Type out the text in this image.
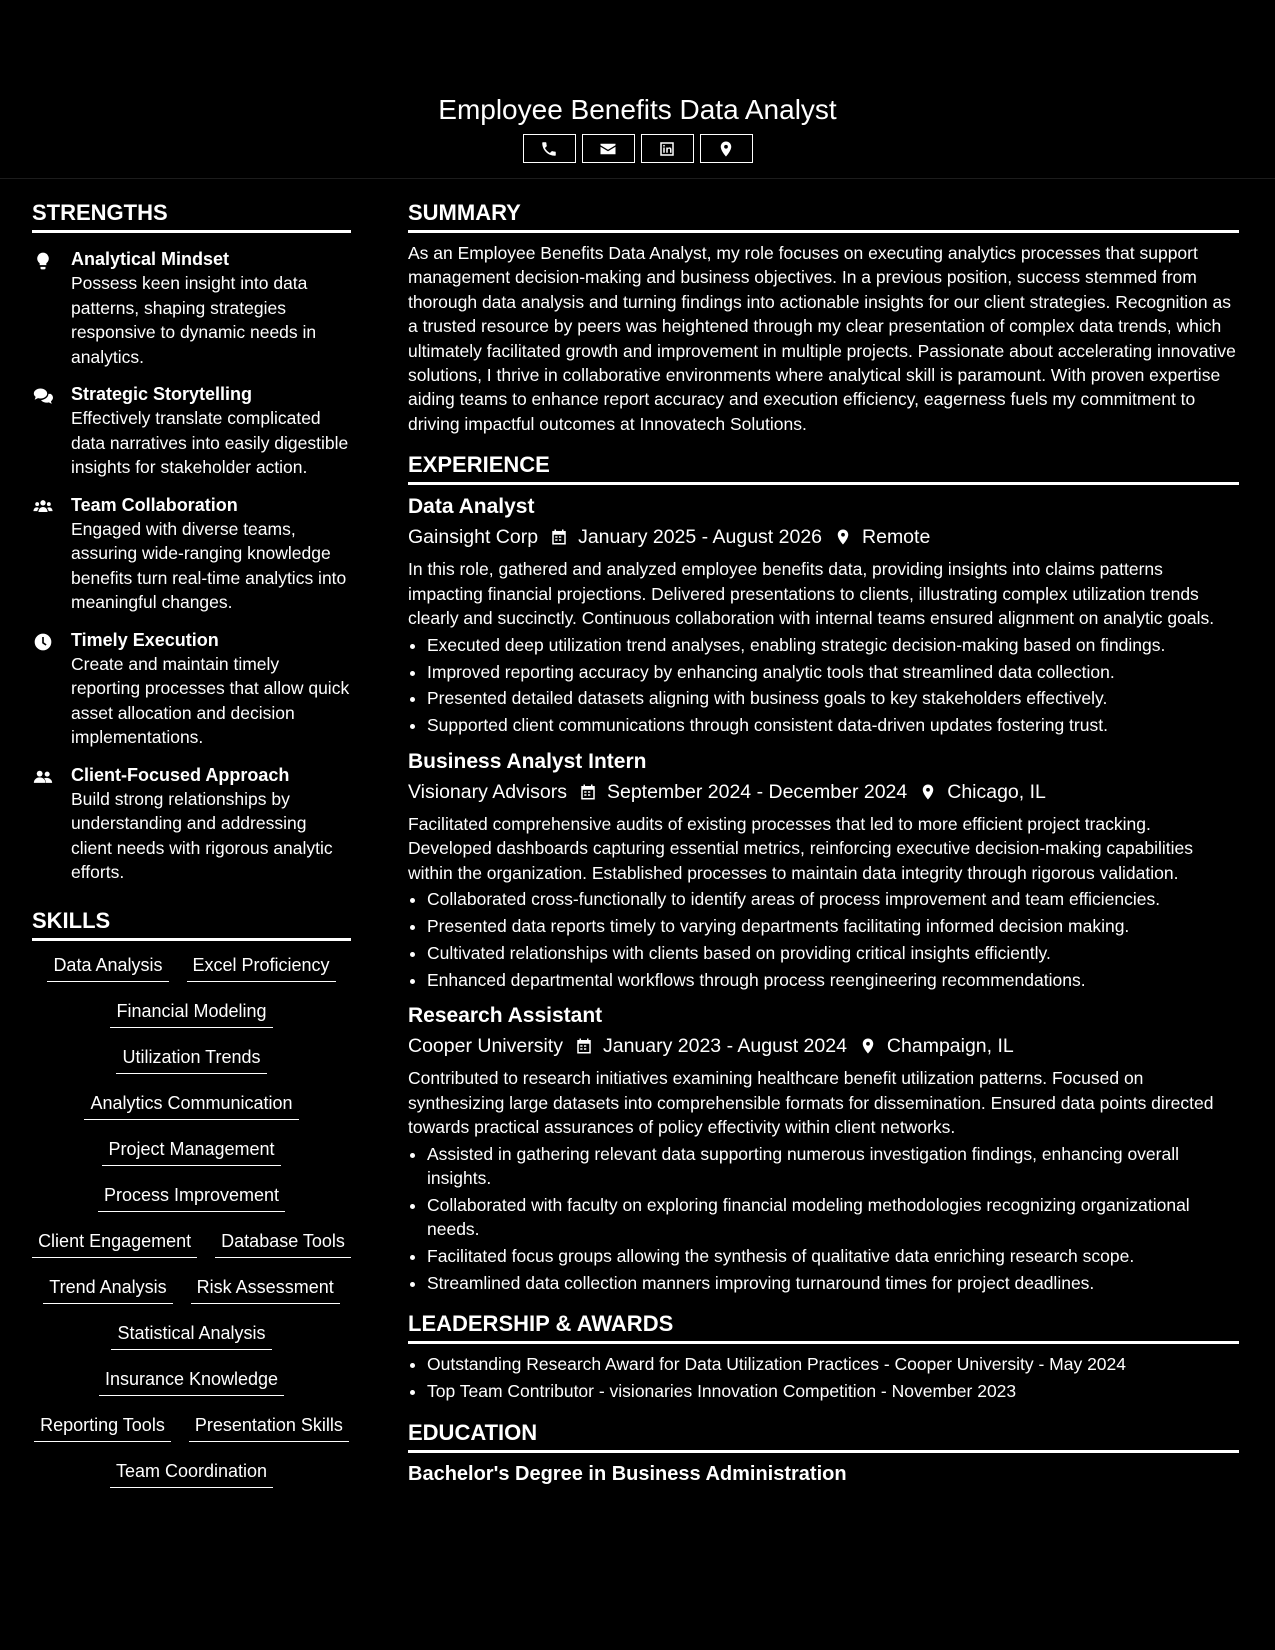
Employee Benefits Data Analyst
STRENGTHS
Analytical Mindset
Possess keen insight into data patterns, shaping strategies responsive to dynamic needs in analytics.
Strategic Storytelling
Effectively translate complicated data narratives into easily digestible insights for stakeholder action.
Team Collaboration
Engaged with diverse teams, assuring wide-ranging knowledge benefits turn real-time analytics into meaningful changes.
Timely Execution
Create and maintain timely reporting processes that allow quick asset allocation and decision implementations.
Client-Focused Approach
Build strong relationships by understanding and addressing client needs with rigorous analytic efforts.
SKILLS
Data Analysis	Excel Proficiency
Financial Modeling
Utilization Trends
Analytics Communication
Project Management
Process Improvement
Client Engagement	Database Tools
Trend Analysis	Risk Assessment
Statistical Analysis
Insurance Knowledge
Reporting Tools	Presentation Skills
Team Coordination
SUMMARY
As an Employee Benefits Data Analyst, my role focuses on executing analytics processes that support management decision-making and business objectives. In a previous position, success stemmed from thorough data analysis and turning findings into actionable insights for our client strategies. Recognition as a trusted resource by peers was heightened through my clear presentation of complex data trends, which ultimately facilitated growth and improvement in multiple projects. Passionate about accelerating innovative solutions, I thrive in collaborative environments where analytical skill is paramount. With proven expertise aiding teams to enhance report accuracy and execution efficiency, eagerness fuels my commitment to driving impactful outcomes at Innovatech Solutions.
EXPERIENCE
Data Analyst
Gainsight Corp January 2025 - August 2026 Remote
In this role, gathered and analyzed employee benefits data, providing insights into claims patterns impacting financial projections. Delivered presentations to clients, illustrating complex utilization trends clearly and succinctly. Continuous collaboration with internal teams ensured alignment on analytic goals.
• Executed deep utilization trend analyses, enabling strategic decision-making based on findings.
• Improved reporting accuracy by enhancing analytic tools that streamlined data collection.
• Presented detailed datasets aligning with business goals to key stakeholders effectively.
• Supported client communications through consistent data-driven updates fostering trust.
Business Analyst Intern
Visionary Advisors September 2024 - December 2024 Chicago, IL
Facilitated comprehensive audits of existing processes that led to more efficient project tracking. Developed dashboards capturing essential metrics, reinforcing executive decision-making capabilities within the organization. Established processes to maintain data integrity through rigorous validation.
• Collaborated cross-functionally to identify areas of process improvement and team efficiencies.
• Presented data reports timely to varying departments facilitating informed decision making.
• Cultivated relationships with clients based on providing critical insights efficiently.
• Enhanced departmental workflows through process reengineering recommendations.
Research Assistant
Cooper University January 2023 - August 2024 Champaign, IL
Contributed to research initiatives examining healthcare benefit utilization patterns. Focused on synthesizing large datasets into comprehensible formats for dissemination. Ensured data points directed towards practical assurances of policy effectivity within client networks.
• Assisted in gathering relevant data supporting numerous investigation findings, enhancing overall insights.
• Collaborated with faculty on exploring financial modeling methodologies recognizing organizational needs.
• Facilitated focus groups allowing the synthesis of qualitative data enriching research scope.
• Streamlined data collection manners improving turnaround times for project deadlines.
LEADERSHIP & AWARDS
• Outstanding Research Award for Data Utilization Practices - Cooper University - May 2024
• Top Team Contributor - visionaries Innovation Competition - November 2023
EDUCATION
Bachelor's Degree in Business Administration
